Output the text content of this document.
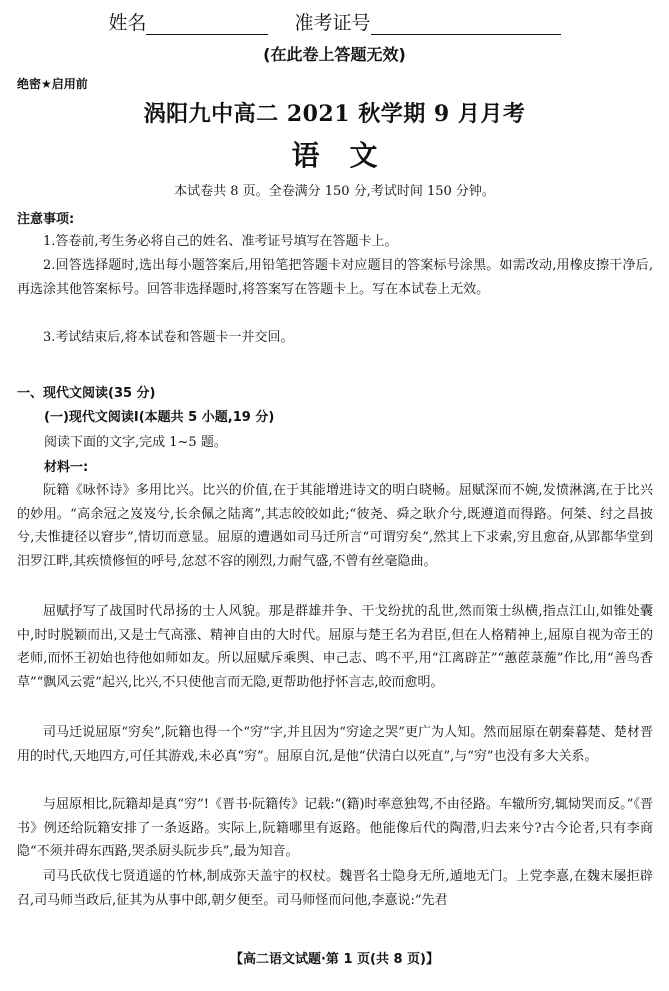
姓名	准考证号
(在此卷上答题无效)
绝密★启用前
涡阳九中高二 2021 秋学期 9 月月考
语文
本试卷共 8 页。全卷满分 150 分,考试时间 150 分钟。
注意事项:

1.答卷前,考生务必将自己的姓名、准考证号填写在答题卡上。

2.回答选择题时,选出每小题答案后,用铅笔把答题卡对应题目的答案标号涂黑。如需改动,用橡皮擦干净后,再选涂其他答案标号。回答非选择题时,将答案写在答题卡上。写在本试卷上无效。

3.考试结束后,将本试卷和答题卡一并交回。

一、现代文阅读(35 分)
(一)现代文阅读Ⅰ(本题共 5 小题,19 分)
阅读下面的文字,完成 1~5 题。
材料一:

阮籍《咏怀诗》多用比兴。比兴的价值,在于其能增进诗文的明白晓畅。屈赋深而不婉,发愤淋漓,在于比兴的妙用。“高余冠之岌岌兮,长余佩之陆离”,其志皎皎如此;“彼尧、舜之耿介兮,既遵道而得路。何桀、纣之昌披兮,夫惟捷径以窘步”,情切而意显。屈原的遭遇如司马迁所言“可谓穷矣”,然其上下求索,穷且愈奋,从郢都华堂到汨罗江畔,其疾愤修恒的呼号,忿怼不容的刚烈,力耐气盛,不曾有丝毫隐曲。

屈赋抒写了战国时代昂扬的士人风貌。那是群雄并争、干戈纷扰的乱世,然而策士纵横,指点江山,如锥处囊中,时时脱颖而出,又是士气高涨、精神自由的大时代。屈原与楚王名为君臣,但在人格精神上,屈原自视为帝王的老师,而怀王初始也待他如师如友。所以屈赋斥乘舆、申己志、鸣不平,用“江离辟芷”“蕙茝菉葹”作比,用“善鸟香草”“飘风云霓”起兴,比兴,不只使他言而无隐,更帮助他抒怀言志,皎而愈明。

司马迁说屈原“穷矣”,阮籍也得一个“穷”字,并且因为“穷途之哭”更广为人知。然而屈原在朝秦暮楚、楚材晋用的时代,天地四方,可任其游戏,未必真“穷”。屈原自沉,是他“伏清白以死直”,与“穷”也没有多大关系。

与屈原相比,阮籍却是真“穷”!《晋书·阮籍传》记载:“(籍)时率意独驾,不由径路。车辙所穷,辄恸哭而反。”《晋书》例还给阮籍安排了一条返路。实际上,阮籍哪里有返路。他能像后代的陶潜,归去来兮?古今论者,只有李商隐“不须并碍东西路,哭杀厨头阮步兵”,最为知音。

司马氏砍伐七贤逍遥的竹林,制成弥天盖宇的权杖。魏晋名士隐身无所,遁地无门。上党李憙,在魏末屡拒辟召,司马师当政后,征其为从事中郎,朝夕便至。司马师怪而问他,李憙说:“先君

【高二语文试题·第 1 页(共 8 页)】
